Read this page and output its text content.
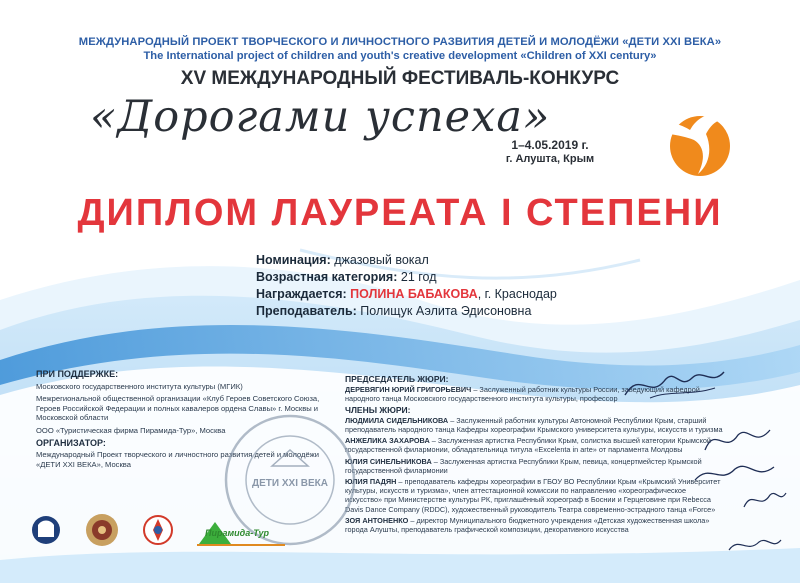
МЕЖДУНАРОДНЫЙ ПРОЕКТ ТВОРЧЕСКОГО И ЛИЧНОСТНОГО РАЗВИТИЯ ДЕТЕЙ И МОЛОДЁЖИ «ДЕТИ XXI ВЕКА»
The International project of children and youth's creative development «Children of XXI century»
XV МЕЖДУНАРОДНЫЙ ФЕСТИВАЛЬ-КОНКУРС
«Дорогами успеха»
1–4.05.2019 г.
г. Алушта, Крым
ДИПЛОМ ЛАУРЕАТА I СТЕПЕНИ
Номинация: джазовый вокал
Возрастная категория: 21 год
Награждается: ПОЛИНА БАБАКОВА, г. Краснодар
Преподаватель: Полищук Аэлита Эдисоновна
ПРИ ПОДДЕРЖКЕ:

Московского государственного института культуры (МГИК)

Межрегиональной общественной организации «Клуб Героев Советского Союза, Героев Российской Федерации и полных кавалеров ордена Славы» г. Москвы и Московской области

ООО «Туристическая фирма Пирамида-Тур», Москва

ОРГАНИЗАТОР:

Международный Проект творческого и личностного развития детей и молодёжи «ДЕТИ XXI ВЕКА», Москва

ПРЕДСЕДАТЕЛЬ ЖЮРИ:

ДЕРЕВЯГИН ЮРИЙ ГРИГОРЬЕВИЧ – Заслуженный работник культуры России, заведующий кафедрой народного танца Московского государственного института культуры, профессор

ЧЛЕНЫ ЖЮРИ:

ЛЮДМИЛА СИДЕЛЬНИКОВА – Заслуженный работник культуры Автономной Республики Крым, старший преподаватель народного танца Кафедры хореографии Крымского университета культуры, искусств и туризма

АНЖЕЛИКА ЗАХАРОВА – Заслуженная артистка Республики Крым, солистка высшей категории Крымской государственной филармонии, обладательница титула «Excelenta in arte» от парламента Молдовы

ЮЛИЯ СИНЕЛЬНИКОВА – Заслуженная артистка Республики Крым, певица, концертмейстер Крымской государственной филармонии

ЮЛИЯ ПАДЯН – преподаватель кафедры хореографии в ГБОУ ВО Республики Крым «Крымский Университет культуры, искусств и туризма», член аттестационной комиссии по направлению «хореографическое искусство» при Министерстве культуры РК, приглашённый хореограф в Боснии и Герцеговине при Rebecca Davis Dance Company (RDDC), художественный руководитель Театра современно-эстрадного танца «Force»

ЗОЯ АНТОНЕНКО – директор Муниципального бюджетного учреждения «Детская художественная школа» города Алушты, преподаватель графической композиции, декоративного искусства

ДЕТИ XXI ВЕКА
Пирамида-Тур
